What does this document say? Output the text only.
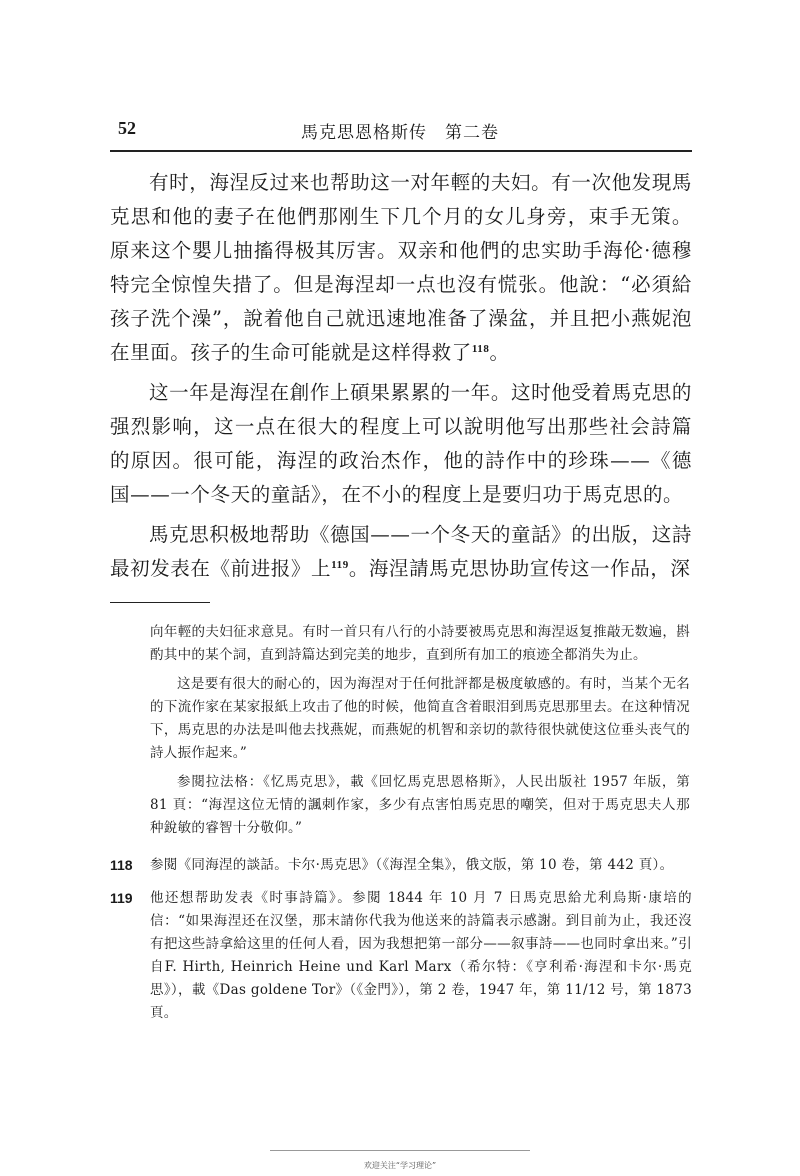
52	馬克思恩格斯传　第二卷

有时，海涅反过来也帮助这一对年輕的夫妇。有一次他发現馬克思和他的妻子在他們那刚生下几个月的女儿身旁，束手无策。原来这个嬰儿抽搐得极其厉害。双亲和他們的忠实助手海伦·德穆特完全惊惶失措了。但是海涅却一点也沒有慌张。他說：“必須給孩子洗个澡”，說着他自己就迅速地准备了澡盆，并且把小燕妮泡在里面。孩子的生命可能就是这样得救了$^{118}$。

这一年是海涅在創作上碩果累累的一年。这时他受着馬克思的强烈影响，这一点在很大的程度上可以說明他写出那些社会詩篇的原因。很可能，海涅的政治杰作，他的詩作中的珍珠——《德国——一个冬天的童話》，在不小的程度上是要归功于馬克思的。

馬克思积极地帮助《德国——一个冬天的童話》的出版，这詩最初发表在《前进报》上$^{119}$。海涅請馬克思协助宣传这一作品，深

向年輕的夫妇征求意見。有时一首只有八行的小詩要被馬克思和海涅返复推敲无数遍，斟酌其中的某个詞，直到詩篇达到完美的地步，直到所有加工的痕迹全都消失为止。

这是要有很大的耐心的，因为海涅对于任何批評都是极度敏感的。有时，当某个无名的下流作家在某家报紙上攻击了他的时候，他简直含着眼泪到馬克思那里去。在这种情况下，馬克思的办法是叫他去找燕妮，而燕妮的机智和亲切的款待很快就使这位垂头丧气的詩人振作起来。”

参閱拉法格：《忆馬克思》，載《回忆馬克思恩格斯》，人民出版社 1957 年版，第 81 頁：“海涅这位无情的諷刺作家，多少有点害怕馬克思的嘲笑，但对于馬克思夫人那种銳敏的睿智十分敬仰。”

118 参閱《同海涅的談話。卡尔·馬克思》（《海涅全集》，俄文版，第 10 卷，第 442 頁）。
119 他还想帮助发表《时事詩篇》。参閱 1844 年 10 月 7 日馬克思給尤利烏斯·康培的信：“如果海涅还在汉堡，那末請你代我为他送来的詩篇表示感謝。到目前为止，我还沒有把这些詩拿給这里的任何人看，因为我想把第一部分——叙事詩——也同时拿出来。”引自F. Hirth, Heinrich Heine und Karl Marx（希尔特：《亨利希·海涅和卡尔·馬克思》），載《Das goldene Tor》（《金門》），第 2 卷，1947 年，第 11/12 号，第 1873 頁。
欢迎关注“学习理论”
